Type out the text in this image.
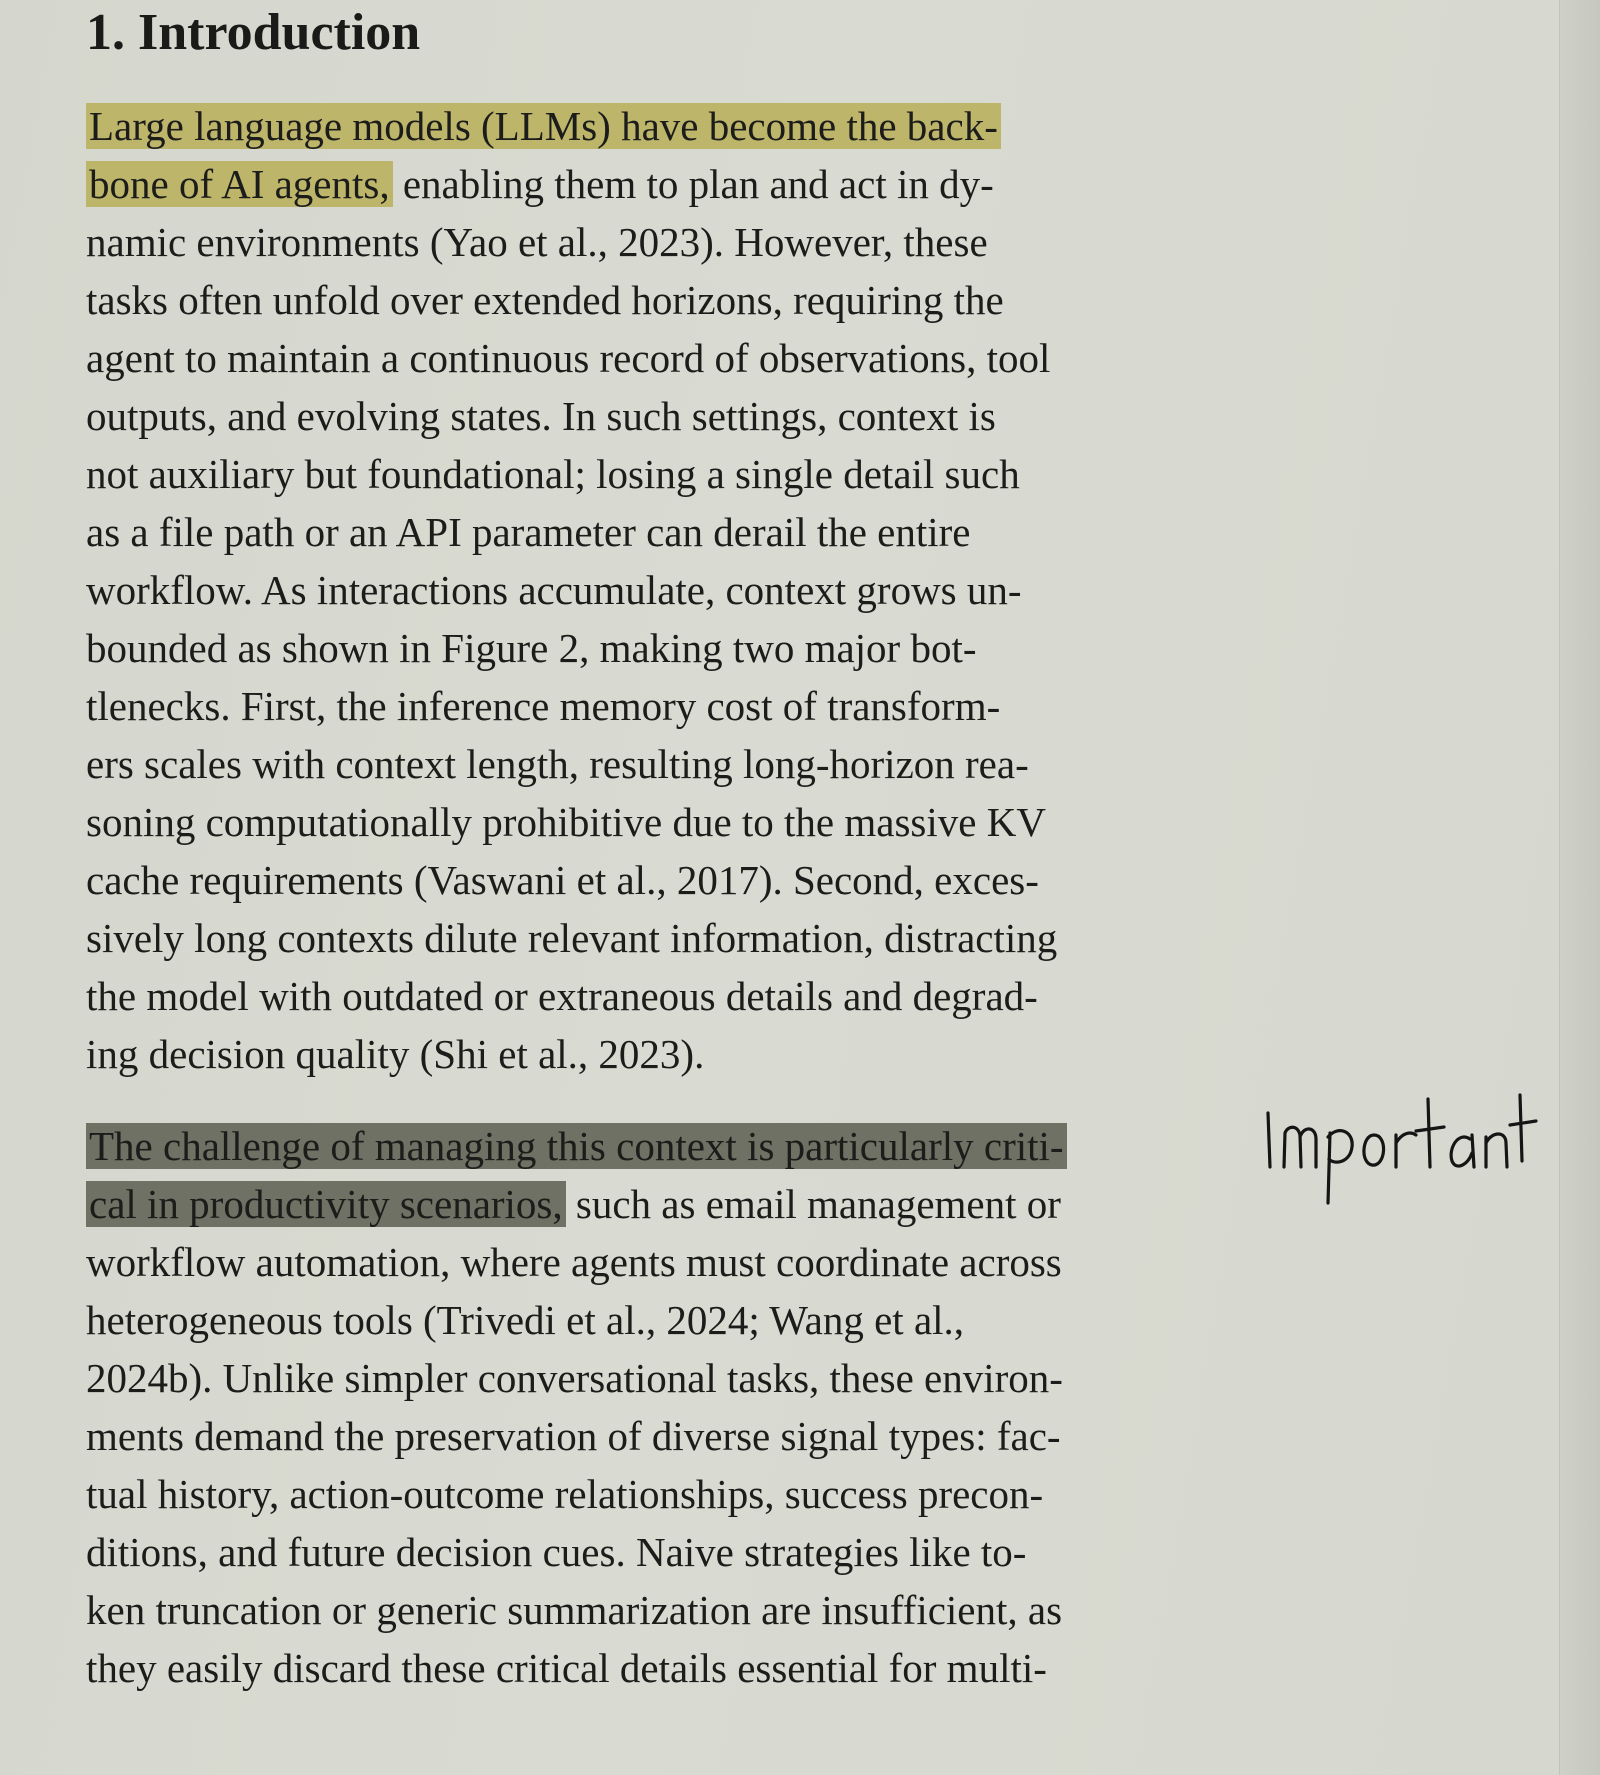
1. Introduction
Large language models (LLMs) have become the back-
bone of AI agents, enabling them to plan and act in dy-
namic environments (Yao et al., 2023). However, these
tasks often unfold over extended horizons, requiring the
agent to maintain a continuous record of observations, tool
outputs, and evolving states. In such settings, context is
not auxiliary but foundational; losing a single detail such
as a file path or an API parameter can derail the entire
workflow. As interactions accumulate, context grows un-
bounded as shown in Figure 2, making two major bot-
tlenecks. First, the inference memory cost of transform-
ers scales with context length, resulting long-horizon rea-
soning computationally prohibitive due to the massive KV
cache requirements (Vaswani et al., 2017). Second, exces-
sively long contexts dilute relevant information, distracting
the model with outdated or extraneous details and degrad-
ing decision quality (Shi et al., 2023).
The challenge of managing this context is particularly criti-
cal in productivity scenarios, such as email management or
workflow automation, where agents must coordinate across
heterogeneous tools (Trivedi et al., 2024; Wang et al.,
2024b). Unlike simpler conversational tasks, these environ-
ments demand the preservation of diverse signal types: fac-
tual history, action-outcome relationships, success precon-
ditions, and future decision cues. Naive strategies like to-
ken truncation or generic summarization are insufficient, as
they easily discard these critical details essential for multi-
Important
